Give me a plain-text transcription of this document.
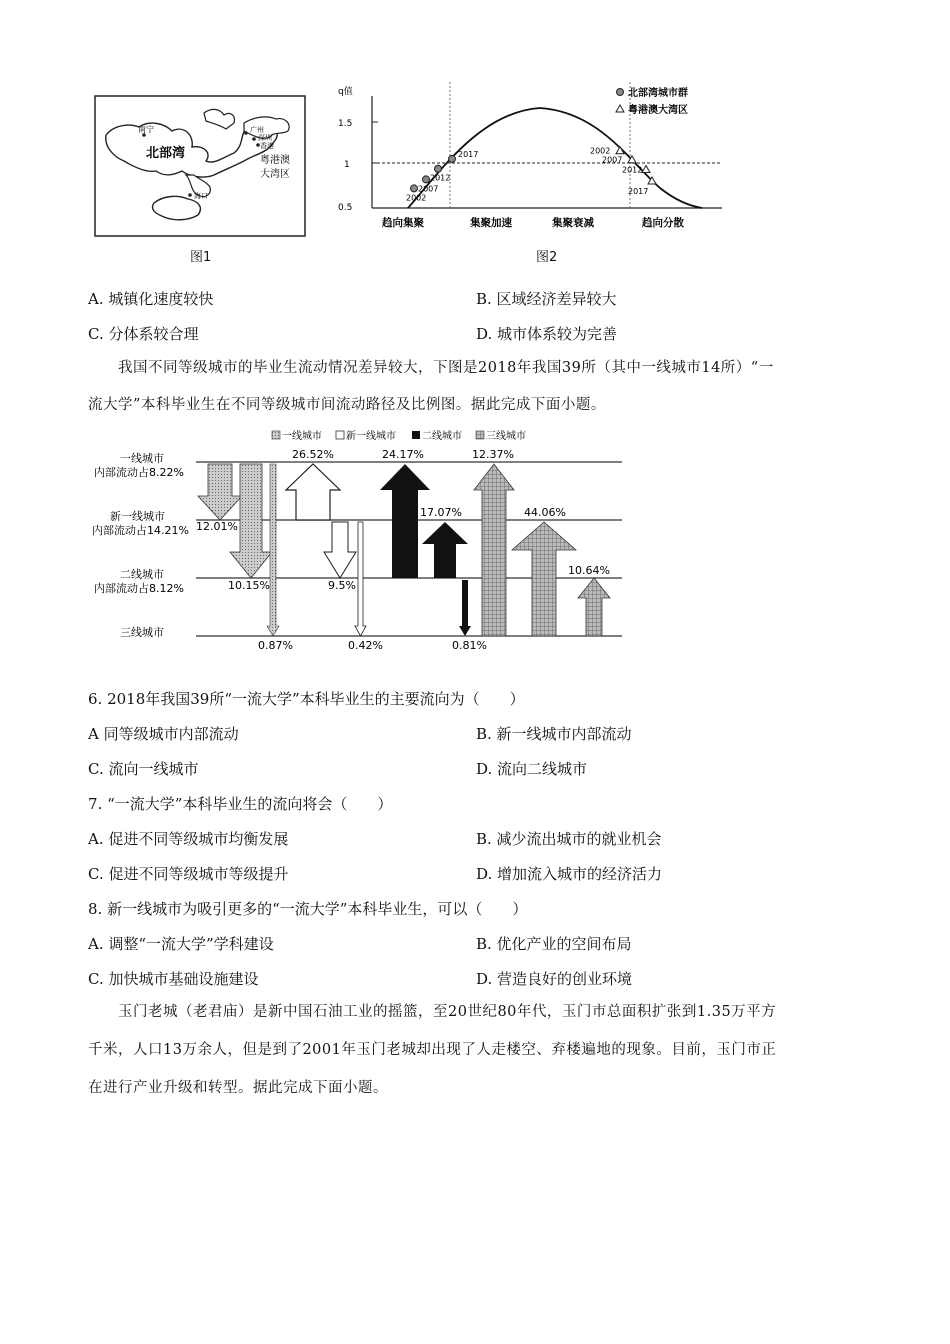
南宁
北部湾
广州
深圳
香港
粤港澳
大湾区
海口
图1
q值
1.5
1
0.5
趋向集聚	集聚加速	集聚衰减	趋向分散
北部湾城市群
粤港澳大湾区
2002
2007
2012
2017	2002
2007
2012
2017
图2
A. 城镇化速度较快	B. 区域经济差异较大
C. 分体系较合理	D. 城市体系较为完善
我国不同等级城市的毕业生流动情况差异较大，下图是2018年我国39所（其中一线城市14所）“一
流大学”本科毕业生在不同等级城市间流动路径及比例图。据此完成下面小题。
一线城市 新一线城市	二线城市 三线城市
一线城市
内部流动占8.22%
新一线城市
内部流动占14.21%
二线城市
内部流动占8.12%
三线城市
12.01%
10.15%
0.87%
26.52%
9.5%
0.42%
24.17%
17.07%
0.81%
12.37%
44.06%
10.64%
6. 2018年我国39所“一流大学”本科毕业生的主要流向为（　　）
A 同等级城市内部流动	B. 新一线城市内部流动
C. 流向一线城市	D. 流向二线城市
7. “一流大学”本科毕业生的流向将会（　　）
A. 促进不同等级城市均衡发展	B. 减少流出城市的就业机会
C. 促进不同等级城市等级提升	D. 增加流入城市的经济活力
8. 新一线城市为吸引更多的“一流大学”本科毕业生，可以（　　）
A. 调整“一流大学”学科建设	B. 优化产业的空间布局
C. 加快城市基础设施建设	D. 营造良好的创业环境
玉门老城（老君庙）是新中国石油工业的摇篮，至20世纪80年代，玉门市总面积扩张到1.35万平方
千米，人口13万余人，但是到了2001年玉门老城却出现了人走楼空、弃楼遍地的现象。目前，玉门市正
在进行产业升级和转型。据此完成下面小题。
